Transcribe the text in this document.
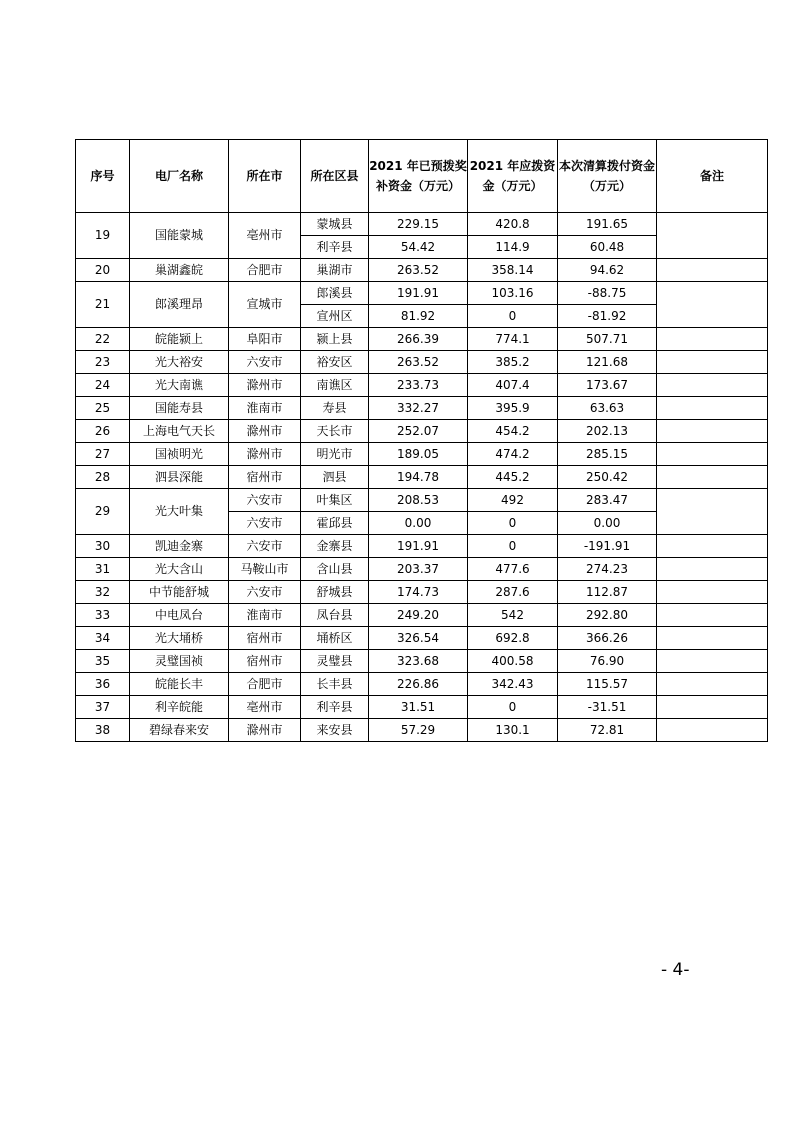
序号	电厂名称	所在市	所在区县	2021 年已预拨奖补资金（万元）	2021 年应拨资金（万元）	本次清算拨付资金（万元）	备注
19	国能蒙城	亳州市	蒙城县	229.15	420.8	191.65	
			利辛县	54.42	114.9	60.48	
20	巢湖鑫皖	合肥市	巢湖市	263.52	358.14	94.62	
21	郎溪理昂	宣城市	郎溪县	191.91	103.16	-88.75	
			宣州区	81.92	0	-81.92	
22	皖能颍上	阜阳市	颍上县	266.39	774.1	507.71	
23	光大裕安	六安市	裕安区	263.52	385.2	121.68	
24	光大南谯	滁州市	南谯区	233.73	407.4	173.67	
25	国能寿县	淮南市	寿县	332.27	395.9	63.63	
26	上海电气天长	滁州市	天长市	252.07	454.2	202.13	
27	国祯明光	滁州市	明光市	189.05	474.2	285.15	
28	泗县深能	宿州市	泗县	194.78	445.2	250.42	
29	光大叶集	六安市	叶集区	208.53	492	283.47	
		六安市	霍邱县	0.00	0	0.00	
30	凯迪金寨	六安市	金寨县	191.91	0	-191.91	
31	光大含山	马鞍山市	含山县	203.37	477.6	274.23	
32	中节能舒城	六安市	舒城县	174.73	287.6	112.87	
33	中电凤台	淮南市	凤台县	249.20	542	292.80	
34	光大埇桥	宿州市	埇桥区	326.54	692.8	366.26	
35	灵璧国祯	宿州市	灵璧县	323.68	400.58	76.90	
36	皖能长丰	合肥市	长丰县	226.86	342.43	115.57	
37	利辛皖能	亳州市	利辛县	31.51	0	-31.51	
38	碧绿春来安	滁州市	来安县	57.29	130.1	72.81	
- 4-
